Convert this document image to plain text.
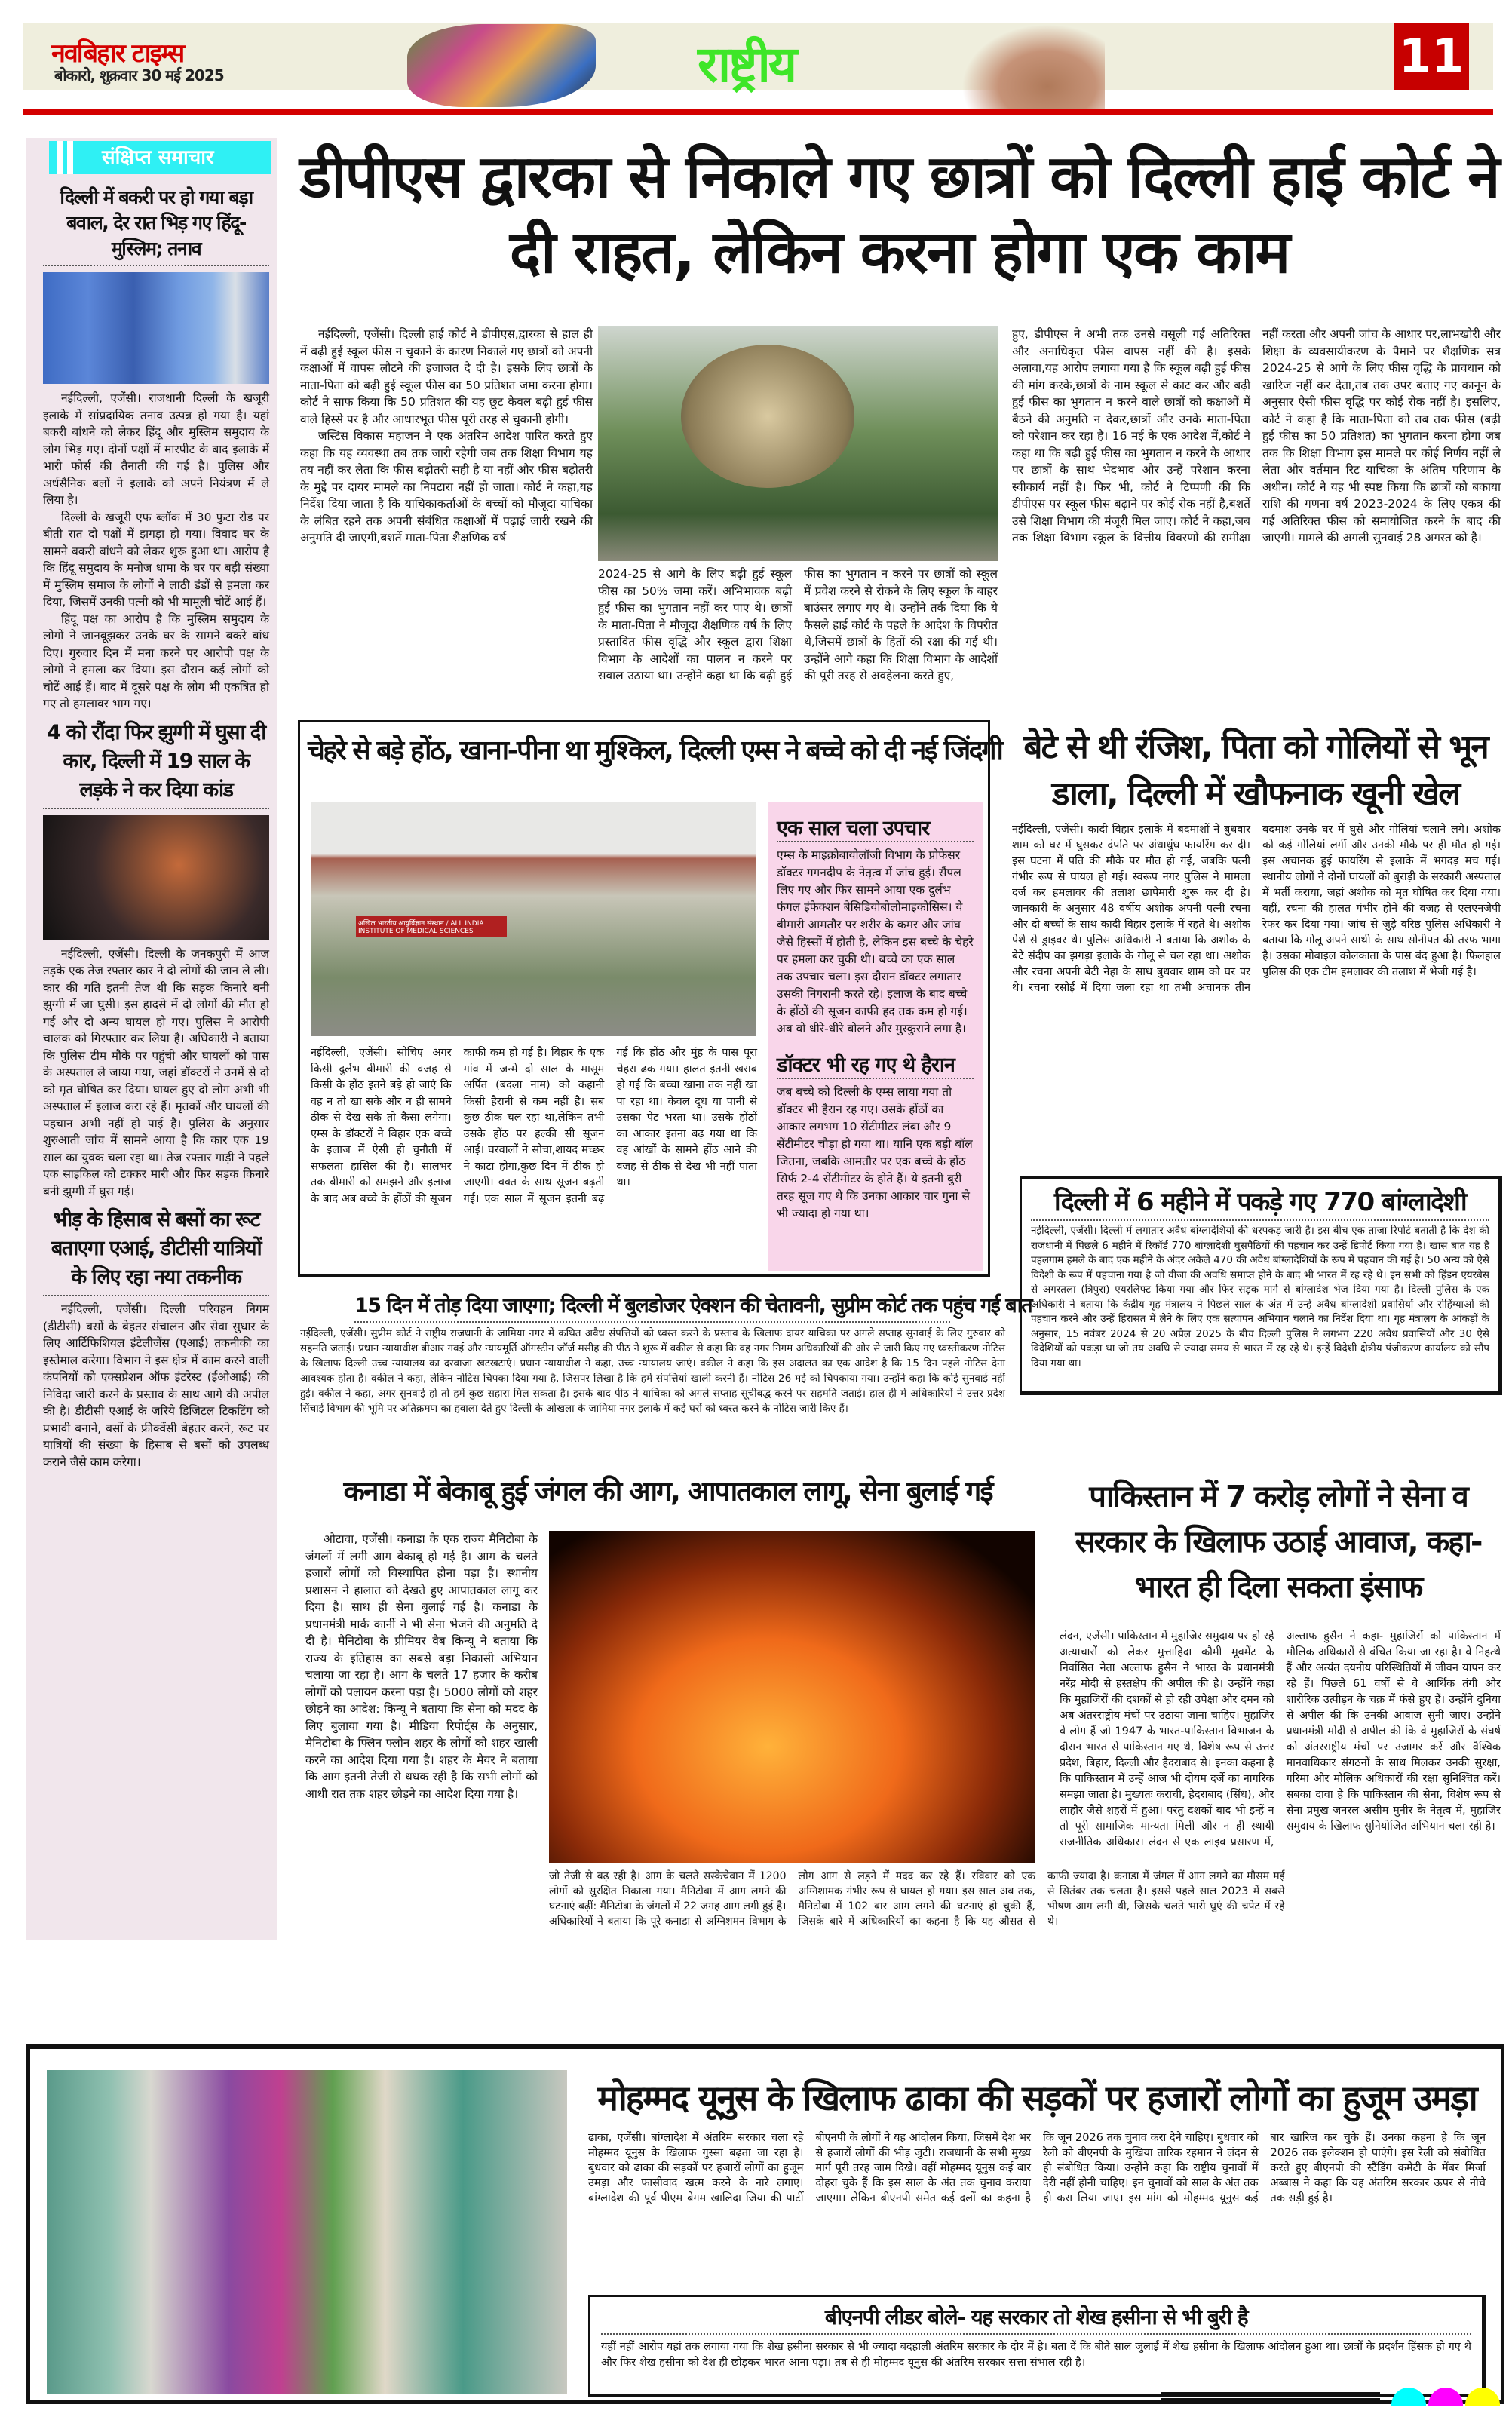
नवबिहार टाइम्स
बोकारो, शुक्रवार 30 मई 2025	राष्ट्रीय	11
संक्षिप्त समाचार
दिल्ली में बकरी पर हो गया बड़ा बवाल, देर रात भिड़ गए हिंदू-मुस्लिम; तनाव
नईदिल्ली, एजेंसी। राजधानी दिल्ली के खजूरी इलाके में सांप्रदायिक तनाव उत्पन्न हो गया है। यहां बकरी बांधने को लेकर हिंदू और मुस्लिम समुदाय के लोग भिड़ गए। दोनों पक्षों में मारपीट के बाद इलाके में भारी फोर्स की तैनाती की गई है। पुलिस और अर्धसैनिक बलों ने इलाके को अपने नियंत्रण में ले लिया है।
दिल्ली के खजूरी एफ ब्लॉक में 30 फुटा रोड पर बीती रात दो पक्षों में झगड़ा हो गया। विवाद घर के सामने बकरी बांधने को लेकर शुरू हुआ था। आरोप है कि हिंदू समुदाय के मनोज धामा के घर पर बड़ी संख्या में मुस्लिम समाज के लोगों ने लाठी डंडों से हमला कर दिया, जिसमें उनकी पत्नी को भी मामूली चोटें आई हैं।
हिंदू पक्ष का आरोप है कि मुस्लिम समुदाय के लोगों ने जानबूझकर उनके घर के सामने बकरे बांध दिए। गुरुवार दिन में मना करने पर आरोपी पक्ष के लोगों ने हमला कर दिया। इस दौरान कई लोगों को चोटें आई हैं। बाद में दूसरे पक्ष के लोग भी एकत्रित हो गए तो हमलावर भाग गए।
4 को रौंदा फिर झुग्गी में घुसा दी कार, दिल्ली में 19 साल के लड़के ने कर दिया कांड
नईदिल्ली, एजेंसी। दिल्ली के जनकपुरी में आज तड़के एक तेज रफ्तार कार ने दो लोगों की जान ले ली। कार की गति इतनी तेज थी कि सड़क किनारे बनी झुग्गी में जा घुसी। इस हादसे में दो लोगों की मौत हो गई और दो अन्य घायल हो गए। पुलिस ने आरोपी चालक को गिरफ्तार कर लिया है। अधिकारी ने बताया कि पुलिस टीम मौके पर पहुंची और घायलों को पास के अस्पताल ले जाया गया, जहां डॉक्टरों ने उनमें से दो को मृत घोषित कर दिया। घायल हुए दो लोग अभी भी अस्पताल में इलाज करा रहे हैं। मृतकों और घायलों की पहचान अभी नहीं हो पाई है। पुलिस के अनुसार शुरुआती जांच में सामने आया है कि कार एक 19 साल का युवक चला रहा था। तेज रफ्तार गाड़ी ने पहले एक साइकिल को टक्कर मारी और फिर सड़क किनारे बनी झुग्गी में घुस गई।
भीड़ के हिसाब से बसों का रूट बताएगा एआई, डीटीसी यात्रियों के लिए रहा नया तकनीक
नईदिल्ली, एजेंसी। दिल्ली परिवहन निगम (डीटीसी) बसों के बेहतर संचालन और सेवा सुधार के लिए आर्टिफिशियल इंटेलीजेंस (एआई) तकनीकी का इस्तेमाल करेगा। विभाग ने इस क्षेत्र में काम करने वाली कंपनियों को एक्सप्रेशन ऑफ इंटरेस्ट (ईओआई) की निविदा जारी करने के प्रस्ताव के साथ आगे की अपील की है। डीटीसी एआई के जरिये डिजिटल टिकटिंग को प्रभावी बनाने, बसों के फ्रीक्वेंसी बेहतर करने, रूट पर यात्रियों की संख्या के हिसाब से बसों को उपलब्ध कराने जैसे काम करेगा।
डीपीएस द्वारका से निकाले गए छात्रों को दिल्ली हाई कोर्ट ने दी राहत, लेकिन करना होगा एक काम
नईदिल्ली, एजेंसी। दिल्ली हाई कोर्ट ने डीपीएस,द्वारका से हाल ही में बढ़ी हुई स्कूल फीस न चुकाने के कारण निकाले गए छात्रों को अपनी कक्षाओं में वापस लौटने की इजाजत दे दी है। इसके लिए छात्रों के माता-पिता को बढ़ी हुई स्कूल फीस का 50 प्रतिशत जमा करना होगा। कोर्ट ने साफ किया कि 50 प्रतिशत की यह छूट केवल बढ़ी हुई फीस वाले हिस्से पर है और आधारभूत फीस पूरी तरह से चुकानी होगी।
जस्टिस विकास महाजन ने एक अंतरिम आदेश पारित करते हुए कहा कि यह व्यवस्था तब तक जारी रहेगी जब तक शिक्षा विभाग यह तय नहीं कर लेता कि फीस बढ़ोतरी सही है या नहीं और फीस बढ़ोतरी के मुद्दे पर दायर मामले का निपटारा नहीं हो जाता। कोर्ट ने कहा,यह निर्देश दिया जाता है कि याचिकाकर्ताओं के बच्चों को मौजूदा याचिका के लंबित रहने तक अपनी संबंधित कक्षाओं में पढ़ाई जारी रखने की अनुमति दी जाएगी,बशर्ते माता-पिता शैक्षणिक वर्ष
2024-25 से आगे के लिए बढ़ी हुई स्कूल फीस का 50% जमा करें। अभिभावक बढ़ी हुई फीस का भुगतान नहीं कर पाए थे। छात्रों के माता-पिता ने मौजूदा शैक्षणिक वर्ष के लिए प्रस्तावित फीस वृद्धि और स्कूल द्वारा शिक्षा विभाग के आदेशों का पालन न करने पर सवाल उठाया था। उन्होंने कहा था कि बढ़ी हुई फीस का भुगतान न करने पर छात्रों को स्कूल में प्रवेश करने से रोकने के लिए स्कूल के बाहर बाउंसर लगाए गए थे। उन्होंने तर्क दिया कि ये फैसले हाई कोर्ट के पहले के आदेश के विपरीत थे,जिसमें छात्रों के हितों की रक्षा की गई थी। उन्होंने आगे कहा कि शिक्षा विभाग के आदेशों की पूरी तरह से अवहेलना करते हुए,
हुए, डीपीएस ने अभी तक उनसे वसूली गई अतिरिक्त और अनाधिकृत फीस वापस नहीं की है। इसके अलावा,यह आरोप लगाया गया है कि स्कूल बढ़ी हुई फीस की मांग करके,छात्रों के नाम स्कूल से काट कर और बढ़ी हुई फीस का भुगतान न करने वाले छात्रों को कक्षाओं में बैठने की अनुमति न देकर,छात्रों और उनके माता-पिता को परेशान कर रहा है। 16 मई के एक आदेश में,कोर्ट ने कहा था कि बढ़ी हुई फीस का भुगतान न करने के आधार पर छात्रों के साथ भेदभाव और उन्हें परेशान करना स्वीकार्य नहीं है। फिर भी, कोर्ट ने टिप्पणी की कि डीपीएस पर स्कूल फीस बढ़ाने पर कोई रोक नहीं है,बशर्ते उसे शिक्षा विभाग की मंजूरी मिल जाए। कोर्ट ने कहा,जब तक शिक्षा विभाग स्कूल के वित्तीय विवरणों की समीक्षा नहीं करता और अपनी जांच के आधार पर,लाभखोरी और शिक्षा के व्यवसायीकरण के पैमाने पर शैक्षणिक सत्र 2024-25 से आगे के लिए फीस वृद्धि के प्रावधान को खारिज नहीं कर देता,तब तक उपर बताए गए कानून के अनुसार ऐसी फीस वृद्धि पर कोई रोक नहीं है। इसलिए, कोर्ट ने कहा है कि माता-पिता को तब तक फीस (बढ़ी हुई फीस का 50 प्रतिशत) का भुगतान करना होगा जब तक कि शिक्षा विभाग इस मामले पर कोई निर्णय नहीं ले लेता और वर्तमान रिट याचिका के अंतिम परिणाम के अधीन। कोर्ट ने यह भी स्पष्ट किया कि छात्रों को बकाया राशि की गणना वर्ष 2023-2024 के लिए एकत्र की गई अतिरिक्त फीस को समायोजित करने के बाद की जाएगी। मामले की अगली सुनवाई 28 अगस्त को है।
चेहरे से बड़े होंठ, खाना-पीना था मुश्किल, दिल्ली एम्स ने बच्चे को दी नई जिंदगी
अखिल भारतीय आयुर्विज्ञान संस्थान / ALL INDIA INSTITUTE OF MEDICAL SCIENCES
एक साल चला उपचार
एम्स के माइक्रोबायोलॉजी विभाग के प्रोफेसर डॉक्टर गगनदीप के नेतृत्व में जांच हुई। सैंपल लिए गए और फिर सामने आया एक दुर्लभ फंगल इंफेक्शन बेसिडियोबोलोमाइकोसिस। ये बीमारी आमतौर पर शरीर के कमर और जांघ जैसे हिस्सों में होती है, लेकिन इस बच्चे के चेहरे पर हमला कर चुकी थी। बच्चे का एक साल तक उपचार चला। इस दौरान डॉक्टर लगातार उसकी निगरानी करते रहे। इलाज के बाद बच्चे के होंठों की सूजन काफी हद तक कम हो गई। अब वो धीरे-धीरे बोलने और मुस्कुराने लगा है।
डॉक्टर भी रह गए थे हैरान
जब बच्चे को दिल्ली के एम्स लाया गया तो डॉक्टर भी हैरान रह गए। उसके होंठों का आकार लगभग 10 सेंटीमीटर लंबा और 9 सेंटीमीटर चौड़ा हो गया था। यानि एक बड़ी बॉल जितना, जबकि आमतौर पर एक बच्चे के होंठ सिर्फ 2-4 सेंटीमीटर के होते हैं। ये इतनी बुरी तरह सूज गए थे कि उनका आकार चार गुना से भी ज्यादा हो गया था।
नईदिल्ली, एजेंसी। सोचिए अगर किसी दुर्लभ बीमारी की वजह से किसी के होंठ इतने बड़े हो जाएं कि वह न तो खा सके और न ही सामने ठीक से देख सके तो कैसा लगेगा। एम्स के डॉक्टरों ने बिहार एक बच्चे के इलाज में ऐसी ही चुनौती में सफलता हासिल की है। सालभर तक बीमारी को समझने और इलाज के बाद अब बच्चे के होंठों की सूजन काफी कम हो गई है। बिहार के एक गांव में जन्मे दो साल के मासूम अर्पित (बदला नाम) को कहानी किसी हैरानी से कम नहीं है। सब कुछ ठीक चल रहा था,लेकिन तभी उसके होंठ पर हल्की सी सूजन आई। घरवालों ने सोचा,शायद मच्छर ने काटा होगा,कुछ दिन में ठीक हो जाएगी। वक्त के साथ सूजन बढ़ती गई। एक साल में सूजन इतनी बढ़ गई कि होंठ और मुंह के पास पूरा चेहरा ढक गया। हालत इतनी खराब हो गई कि बच्चा खाना तक नहीं खा पा रहा था। केवल दूध या पानी से उसका पेट भरता था। उसके होंठों का आकार इतना बढ़ गया था कि वह आंखों के सामने होंठ आने की वजह से ठीक से देख भी नहीं पाता था।
बेटे से थी रंजिश, पिता को गोलियों से भून डाला, दिल्ली में खौफनाक खूनी खेल
नईदिल्ली, एजेंसी। कादी विहार इलाके में बदमाशों ने बुधवार शाम को घर में घुसकर दंपति पर अंधाधुंध फायरिंग कर दी। इस घटना में पति की मौके पर मौत हो गई, जबकि पत्नी गंभीर रूप से घायल हो गई। स्वरूप नगर पुलिस ने मामला दर्ज कर हमलावर की तलाश छापेमारी शुरू कर दी है। जानकारी के अनुसार 48 वर्षीय अशोक अपनी पत्नी रचना और दो बच्चों के साथ कादी विहार इलाके में रहते थे। अशोक पेशे से ड्राइवर थे। पुलिस अधिकारी ने बताया कि अशोक के बेटे संदीप का झगड़ा इलाके के गोलू से चल रहा था। अशोक और रचना अपनी बेटी नेहा के साथ बुधवार शाम को घर पर थे। रचना रसोई में दिया जला रहा था तभी अचानक तीन बदमाश उनके घर में घुसे और गोलियां चलाने लगे। अशोक को कई गोलियां लगीं और उनकी मौके पर ही मौत हो गई। इस अचानक हुई फायरिंग से इलाके में भगदड़ मच गई। स्थानीय लोगों ने दोनों घायलों को बुराड़ी के सरकारी अस्पताल में भर्ती कराया, जहां अशोक को मृत घोषित कर दिया गया। वहीं, रचना की हालत गंभीर होने की वजह से एलएनजेपी रेफर कर दिया गया। जांच से जुड़े वरिष्ठ पुलिस अधिकारी ने बताया कि गोलू अपने साथी के साथ सोनीपत की तरफ भागा है। उसका मोबाइल कोलकाता के पास बंद हुआ है। फिलहाल पुलिस की एक टीम हमलावर की तलाश में भेजी गई है।
दिल्ली में 6 महीने में पकड़े गए 770 बांग्लादेशी
नईदिल्ली, एजेंसी। दिल्ली में लगातार अवैध बांग्लादेशियों की धरपकड़ जारी है। इस बीच एक ताजा रिपोर्ट बताती है कि देश की राजधानी में पिछले 6 महीने में रिकॉर्ड 770 बांग्लादेशी घुसपैठियों की पहचान कर उन्हें डिपोर्ट किया गया है। खास बात यह है पहलगाम हमले के बाद एक महीने के अंदर अकेले 470 की अवैध बांग्लादेशियों के रूप में पहचान की गई है। 50 अन्य को ऐसे विदेशी के रूप में पहचाना गया है जो वीजा की अवधि समाप्त होने के बाद भी भारत में रह रहे थे। इन सभी को हिंडन एयरबेस से अगरतला (त्रिपुरा) एयरलिफ्ट किया गया और फिर सड़क मार्ग से बांग्लादेश भेज दिया गया है। दिल्ली पुलिस के एक अधिकारी ने बताया कि केंद्रीय गृह मंत्रालय ने पिछले साल के अंत में उन्हें अवैध बांग्लादेशी प्रवासियों और रोहिंग्याओं की पहचान करने और उन्हें हिरासत में लेने के लिए एक सत्यापन अभियान चलाने का निर्देश दिया था। गृह मंत्रालय के आंकड़ों के अनुसार, 15 नवंबर 2024 से 20 अप्रैल 2025 के बीच दिल्ली पुलिस ने लगभग 220 अवैध प्रवासियों और 30 ऐसे विदेशियों को पकड़ा था जो तय अवधि से ज्यादा समय से भारत में रह रहे थे। इन्हें विदेशी क्षेत्रीय पंजीकरण कार्यालय को सौंप दिया गया था।
15 दिन में तोड़ दिया जाएगा; दिल्ली में बुलडोजर ऐक्शन की चेतावनी, सुप्रीम कोर्ट तक पहुंच गई बात
नईदिल्ली, एजेंसी। सुप्रीम कोर्ट ने राष्ट्रीय राजधानी के जामिया नगर में कथित अवैध संपत्तियों को ध्वस्त करने के प्रस्ताव के खिलाफ दायर याचिका पर अगले सप्ताह सुनवाई के लिए गुरुवार को सहमति जताई। प्रधान न्यायाधीश बीआर गवई और न्यायमूर्ति ऑगस्टीन जॉर्ज मसीह की पीठ ने शुरू में वकील से कहा कि वह नगर निगम अधिकारियों की ओर से जारी किए गए ध्वस्तीकरण नोटिस के खिलाफ दिल्ली उच्च न्यायालय का दरवाजा खटखटाएं। प्रधान न्यायाधीश ने कहा, उच्च न्यायालय जाएं। वकील ने कहा कि इस अदालत का एक आदेश है कि 15 दिन पहले नोटिस देना आवश्यक होता है। वकील ने कहा, लेकिन नोटिस चिपका दिया गया है, जिसपर लिखा है कि हमें संपत्तियां खाली करनी हैं। नोटिस 26 मई को चिपकाया गया। उन्होंने कहा कि कोई सुनवाई नहीं हुई। वकील ने कहा, अगर सुनवाई हो तो हमें कुछ सहारा मिल सकता है। इसके बाद पीठ ने याचिका को अगले सप्ताह सूचीबद्ध करने पर सहमति जताई। हाल ही में अधिकारियों ने उत्तर प्रदेश सिंचाई विभाग की भूमि पर अतिक्रमण का हवाला देते हुए दिल्ली के ओखला के जामिया नगर इलाके में कई घरों को ध्वस्त करने के नोटिस जारी किए हैं।
कनाडा में बेकाबू हुई जंगल की आग, आपातकाल लागू, सेना बुलाई गई
ओटावा, एजेंसी। कनाडा के एक राज्य मैनिटोबा के जंगलों में लगी आग बेकाबू हो गई है। आग के चलते हजारों लोगों को विस्थापित होना पड़ा है। स्थानीय प्रशासन ने हालात को देखते हुए आपातकाल लागू कर दिया है। साथ ही सेना बुलाई गई है। कनाडा के प्रधानमंत्री मार्क कार्नी ने भी सेना भेजने की अनुमति दे दी है। मैनिटोबा के प्रीमियर वैब किन्यू ने बताया कि राज्य के इतिहास का सबसे बड़ा निकासी अभियान चलाया जा रहा है। आग के चलते 17 हजार के करीब लोगों को पलायन करना पड़ा है। 5000 लोगों को शहर छोड़ने का आदेश: किन्यू ने बताया कि सेना को मदद के लिए बुलाया गया है। मीडिया रिपोर्ट्स के अनुसार, मैनिटोबा के फ्लिन फ्लोन शहर के लोगों को शहर खाली करने का आदेश दिया गया है। शहर के मेयर ने बताया कि आग इतनी तेजी से धधक रही है कि सभी लोगों को आधी रात तक शहर छोड़ने का आदेश दिया गया है।
जो तेजी से बढ़ रही है। आग के चलते सस्केचेवान में 1200 लोगों को सुरक्षित निकाला गया। मैनिटोबा में आग लगने की घटनाएं बढ़ीं: मैनिटोबा के जंगलों में 22 जगह आग लगी हुई है। अधिकारियों ने बताया कि पूरे कनाडा से अग्निशमन विभाग के लोग आग से लड़ने में मदद कर रहे हैं। रविवार को एक अग्निशामक गंभीर रूप से घायल हो गया। इस साल अब तक, मैनिटोबा में 102 बार आग लगने की घटनाएं हो चुकी हैं, जिसके बारे में अधिकारियों का कहना है कि यह औसत से काफी ज्यादा है। कनाडा में जंगल में आग लगने का मौसम मई से सितंबर तक चलता है। इससे पहले साल 2023 में सबसे भीषण आग लगी थी, जिसके चलते भारी धुएं की चपेट में रहे थे।
पाकिस्तान में 7 करोड़ लोगों ने सेना व सरकार के खिलाफ उठाई आवाज, कहा- भारत ही दिला सकता इंसाफ
लंदन, एजेंसी। पाकिस्तान में मुहाजिर समुदाय पर हो रहे अत्याचारों को लेकर मुत्ताहिदा कौमी मूवमेंट के निर्वासित नेता अल्ताफ हुसैन ने भारत के प्रधानमंत्री नरेंद्र मोदी से हस्तक्षेप की अपील की है। उन्होंने कहा कि मुहाजिरों की दशकों से हो रही उपेक्षा और दमन को अब अंतरराष्ट्रीय मंचों पर उठाया जाना चाहिए। मुहाजिर वे लोग हैं जो 1947 के भारत-पाकिस्तान विभाजन के दौरान भारत से पाकिस्तान गए थे, विशेष रूप से उत्तर प्रदेश, बिहार, दिल्ली और हैदराबाद से। इनका कहना है कि पाकिस्तान में उन्हें आज भी दोयम दर्जे का नागरिक समझा जाता है। मुख्यतः कराची, हैदराबाद (सिंध), और लाहौर जैसे शहरों में हुआ। परंतु दशकों बाद भी इन्हें न तो पूरी सामाजिक मान्यता मिली और न ही स्थायी राजनीतिक अधिकार। लंदन से एक लाइव प्रसारण में, अल्ताफ हुसैन ने कहा- मुहाजिरों को पाकिस्तान में मौलिक अधिकारों से वंचित किया जा रहा है। वे निहत्थे हैं और अत्यंत दयनीय परिस्थितियों में जीवन यापन कर रहे हैं। पिछले 61 वर्षों से वे आर्थिक तंगी और शारीरिक उत्पीड़न के चक्र में फंसे हुए हैं। उन्होंने दुनिया से अपील की कि उनकी आवाज सुनी जाए। उन्होंने प्रधानमंत्री मोदी से अपील की कि वे मुहाजिरों के संघर्ष को अंतरराष्ट्रीय मंचों पर उजागर करें और वैश्विक मानवाधिकार संगठनों के साथ मिलकर उनकी सुरक्षा, गरिमा और मौलिक अधिकारों की रक्षा सुनिश्चित करें। सबका दावा है कि पाकिस्तान की सेना, विशेष रूप से सेना प्रमुख जनरल असीम मुनीर के नेतृत्व में, मुहाजिर समुदाय के खिलाफ सुनियोजित अभियान चला रही है।
मोहम्मद यूनुस के खिलाफ ढाका की सड़कों पर हजारों लोगों का हुजूम उमड़ा
ढाका, एजेंसी। बांग्लादेश में अंतरिम सरकार चला रहे मोहम्मद यूनुस के खिलाफ गुस्सा बढ़ता जा रहा है। बुधवार को ढाका की सड़कों पर हजारों लोगों का हुजूम उमड़ा और फासीवाद खत्म करने के नारे लगाए। बांग्लादेश की पूर्व पीएम बेगम खालिदा जिया की पार्टी बीएनपी के लोगों ने यह आंदोलन किया, जिसमें देश भर से हजारों लोगों की भीड़ जुटी। राजधानी के सभी मुख्य मार्ग पूरी तरह जाम दिखे। वहीं मोहम्मद यूनुस कई बार दोहरा चुके हैं कि इस साल के अंत तक चुनाव कराया जाएगा। लेकिन बीएनपी समेत कई दलों का कहना है कि जून 2026 तक चुनाव करा देने चाहिए। बुधवार को रैली को बीएनपी के मुखिया तारिक रहमान ने लंदन से ही संबोधित किया। उन्होंने कहा कि राष्ट्रीय चुनावों में देरी नहीं होनी चाहिए। इन चुनावों को साल के अंत तक ही करा लिया जाए। इस मांग को मोहम्मद यूनुस कई बार खारिज कर चुके हैं। उनका कहना है कि जून 2026 तक इलेक्शन हो पाएंगे। इस रैली को संबोधित करते हुए बीएनपी की स्टैंडिंग कमेटी के मेंबर मिर्जा अब्बास ने कहा कि यह अंतरिम सरकार ऊपर से नीचे तक सड़ी हुई है।
बीएनपी लीडर बोले- यह सरकार तो शेख हसीना से भी बुरी है
यहीं नहीं आरोप यहां तक लगाया गया कि शेख हसीना सरकार से भी ज्यादा बदहाली अंतरिम सरकार के दौर में है। बता दें कि बीते साल जुलाई में शेख हसीना के खिलाफ आंदोलन हुआ था। छात्रों के प्रदर्शन हिंसक हो गए थे और फिर शेख हसीना को देश ही छोड़कर भारत आना पड़ा। तब से ही मोहम्मद यूनुस की अंतरिम सरकार सत्ता संभाल रही है।
